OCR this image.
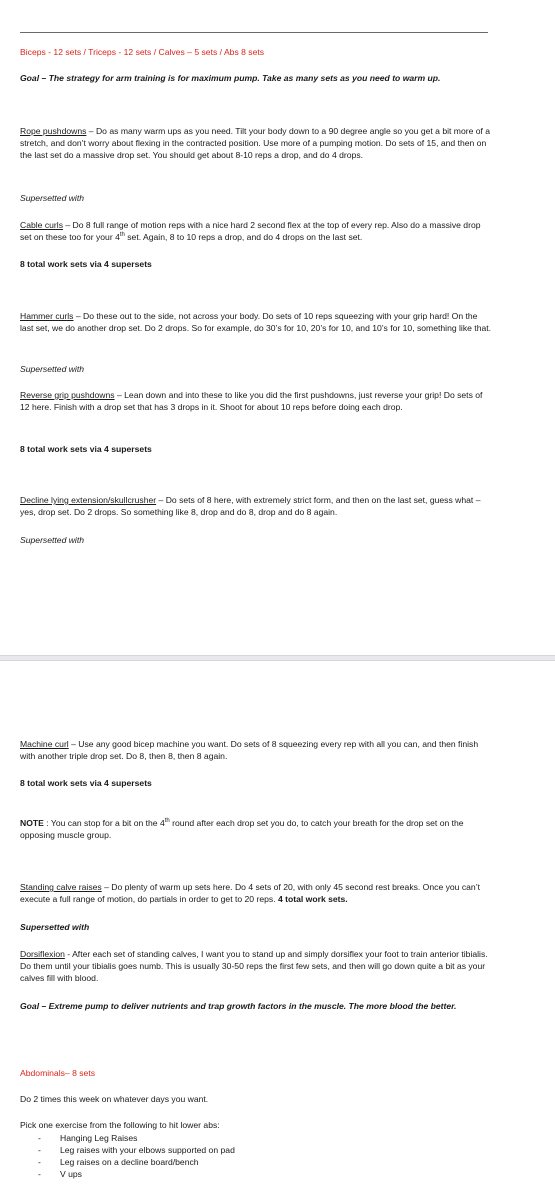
Biceps - 12 sets / Triceps - 12 sets / Calves – 5 sets / Abs 8 sets

Goal – The strategy for arm training is for maximum pump. Take as many sets as you need to warm up.

Rope pushdowns – Do as many warm ups as you need. Tilt your body down to a 90 degree angle so you get a bit more of a stretch, and don’t worry about flexing in the contracted position. Use more of a pumping motion. Do sets of 15, and then on the last set do a massive drop set. You should get about 8-10 reps a drop, and do 4 drops.

Supersetted with

Cable curls – Do 8 full range of motion reps with a nice hard 2 second flex at the top of every rep. Also do a massive drop set on these too for your 4th set. Again, 8 to 10 reps a drop, and do 4 drops on the last set.

8 total work sets via 4 supersets

Hammer curls – Do these out to the side, not across your body. Do sets of 10 reps squeezing with your grip hard! On the last set, we do another drop set. Do 2 drops. So for example, do 30’s for 10, 20’s for 10, and 10’s for 10, something like that.

Supersetted with

Reverse grip pushdowns – Lean down and into these to like you did the first pushdowns, just reverse your grip! Do sets of 12 here. Finish with a drop set that has 3 drops in it. Shoot for about 10 reps before doing each drop.

8 total work sets via 4 supersets

Decline lying extension/skullcrusher – Do sets of 8 here, with extremely strict form, and then on the last set, guess what – yes, drop set. Do 2 drops. So something like 8, drop and do 8, drop and do 8 again.

Supersetted with

Machine curl – Use any good bicep machine you want. Do sets of 8 squeezing every rep with all you can, and then finish with another triple drop set. Do 8, then 8, then 8 again.

8 total work sets via 4 supersets

NOTE : You can stop for a bit on the 4th round after each drop set you do, to catch your breath for the drop set on the opposing muscle group.

Standing calve raises – Do plenty of warm up sets here. Do 4 sets of 20, with only 45 second rest breaks. Once you can’t execute a full range of motion, do partials in order to get to 20 reps. 4 total work sets.

Supersetted with

Dorsiflexion - After each set of standing calves, I want you to stand up and simply dorsiflex your foot to train anterior tibialis. Do them until your tibialis goes numb. This is usually 30-50 reps the first few sets, and then will go down quite a bit as your calves fill with blood.

Goal – Extreme pump to deliver nutrients and trap growth factors in the muscle. The more blood the better.

Abdominals– 8 sets

Do 2 times this week on whatever days you want.

Pick one exercise from the following to hit lower abs:

- Hanging Leg Raises
- Leg raises with your elbows supported on pad
- Leg raises on a decline board/bench
- V ups
